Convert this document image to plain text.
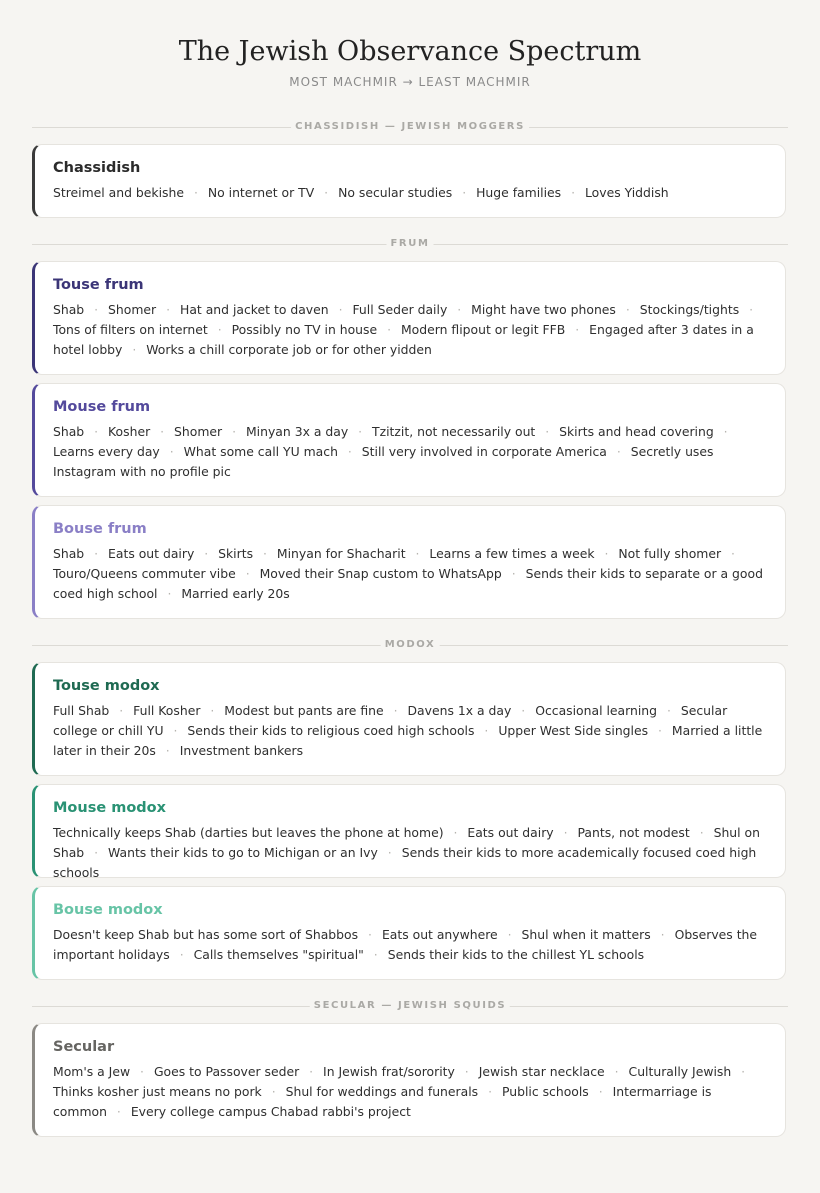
The Jewish Observance Spectrum
MOST MACHMIR → LEAST MACHMIR
CHASSIDISH — JEWISH MOGGERS
Chassidish
Streimel and bekishe · No internet or TV · No secular studies · Huge families · Loves Yiddish
FRUM
Touse frum
Shab · Shomer · Hat and jacket to daven · Full Seder daily · Might have two phones · Stockings/tights · Tons of filters on internet · Possibly no TV in house · Modern flipout or legit FFB · Engaged after 3 dates in a hotel lobby · Works a chill corporate job or for other yidden
Mouse frum
Shab · Kosher · Shomer · Minyan 3x a day · Tzitzit, not necessarily out · Skirts and head covering · Learns every day · What some call YU mach · Still very involved in corporate America · Secretly uses Instagram with no profile pic
Bouse frum
Shab · Eats out dairy · Skirts · Minyan for Shacharit · Learns a few times a week · Not fully shomer · Touro/Queens commuter vibe · Moved their Snap custom to WhatsApp · Sends their kids to separate or a good coed high school · Married early 20s
MODOX
Touse modox
Full Shab · Full Kosher · Modest but pants are fine · Davens 1x a day · Occasional learning · Secular college or chill YU · Sends their kids to religious coed high schools · Upper West Side singles · Married a little later in their 20s · Investment bankers
Mouse modox
Technically keeps Shab (darties but leaves the phone at home) · Eats out dairy · Pants, not modest · Shul on Shab · Wants their kids to go to Michigan or an Ivy · Sends their kids to more academically focused coed high schools
Bouse modox
Doesn't keep Shab but has some sort of Shabbos · Eats out anywhere · Shul when it matters · Observes the important holidays · Calls themselves "spiritual" · Sends their kids to the chillest YL schools
SECULAR — JEWISH SQUIDS
Secular
Mom's a Jew · Goes to Passover seder · In Jewish frat/sorority · Jewish star necklace · Culturally Jewish · Thinks kosher just means no pork · Shul for weddings and funerals · Public schools · Intermarriage is common · Every college campus Chabad rabbi's project
